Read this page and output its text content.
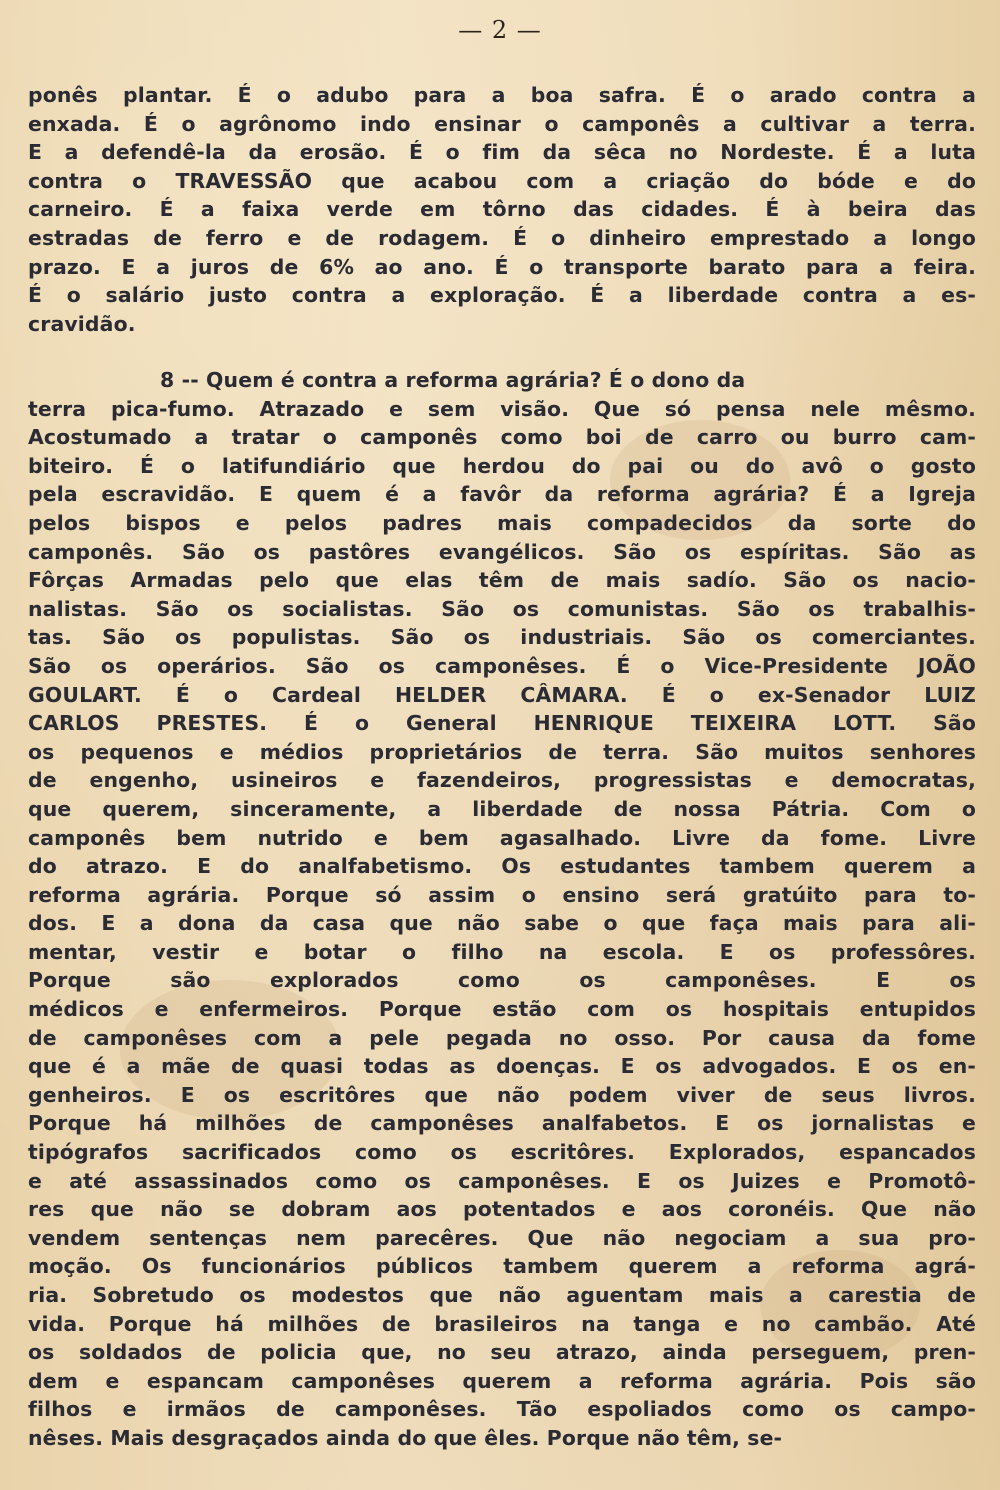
— 2 —
ponês plantar. É o adubo para a boa safra. É o arado contra a
enxada. É o agrônomo indo ensinar o camponês a cultivar a terra.
E a defendê-la da erosão. É o fim da sêca no Nordeste. É a luta
contra o TRAVESSÃO que acabou com a criação do bóde e do
carneiro. É a faixa verde em tôrno das cidades. É à beira das
estradas de ferro e de rodagem. É o dinheiro emprestado a longo
prazo. E a juros de 6% ao ano. É o transporte barato para a feira.
É o salário justo contra a exploração. É a liberdade contra a es-
cravidão.
8 -- Quem é contra a reforma agrária? É o dono da
terra pica-fumo. Atrazado e sem visão. Que só pensa nele mêsmo.
Acostumado a tratar o camponês como boi de carro ou burro cam-
biteiro. É o latifundiário que herdou do pai ou do avô o gosto
pela escravidão. E quem é a favôr da reforma agrária? É a Igreja
pelos bispos e pelos padres mais compadecidos da sorte do
camponês. São os pastôres evangélicos. São os espíritas. São as
Fôrças Armadas pelo que elas têm de mais sadío. São os nacio-
nalistas. São os socialistas. São os comunistas. São os trabalhis-
tas. São os populistas. São os industriais. São os comerciantes.
São os operários. São os camponêses. É o Vice-Presidente JOÃO
GOULART. É o Cardeal HELDER CÂMARA. É o ex-Senador LUIZ
CARLOS PRESTES. É o General HENRIQUE TEIXEIRA LOTT. São
os pequenos e médios proprietários de terra. São muitos senhores
de engenho, usineiros e fazendeiros, progressistas e democratas,
que querem, sinceramente, a liberdade de nossa Pátria. Com o
camponês bem nutrido e bem agasalhado. Livre da fome. Livre
do atrazo. E do analfabetismo. Os estudantes tambem querem a
reforma agrária. Porque só assim o ensino será gratúito para to-
dos. E a dona da casa que não sabe o que faça mais para ali-
mentar, vestir e botar o filho na escola. E os professôres.
Porque são explorados como os camponêses. E os
médicos e enfermeiros. Porque estão com os hospitais entupidos
de camponêses com a pele pegada no osso. Por causa da fome
que é a mãe de quasi todas as doenças. E os advogados. E os en-
genheiros. E os escritôres que não podem viver de seus livros.
Porque há milhões de camponêses analfabetos. E os jornalistas e
tipógrafos sacrificados como os escritôres. Explorados, espancados
e até assassinados como os camponêses. E os Juizes e Promotô-
res que não se dobram aos potentados e aos coronéis. Que não
vendem sentenças nem parecêres. Que não negociam a sua pro-
moção. Os funcionários públicos tambem querem a reforma agrá-
ria. Sobretudo os modestos que não aguentam mais a carestia de
vida. Porque há milhões de brasileiros na tanga e no cambão. Até
os soldados de policia que, no seu atrazo, ainda perseguem, pren-
dem e espancam camponêses querem a reforma agrária. Pois são
filhos e irmãos de camponêses. Tão espoliados como os campo-
nêses. Mais desgraçados ainda do que êles. Porque não têm, se-
